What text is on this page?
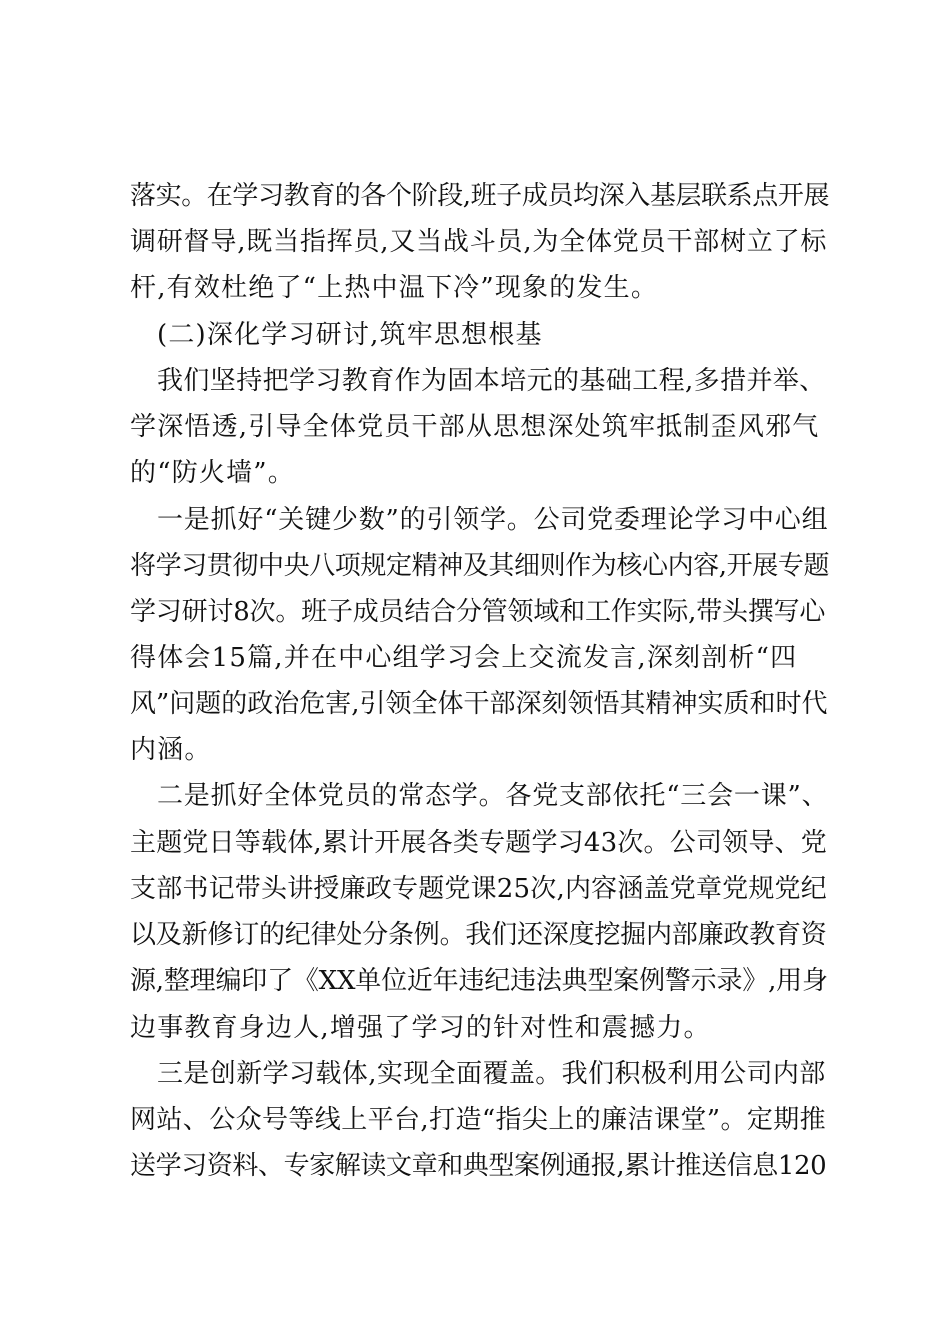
落实。在学习教育的各个阶段,班子成员均深入基层联系点开展
调研督导,既当指挥员,又当战斗员,为全体党员干部树立了标
杆,有效杜绝了“上热中温下冷”现象的发生。
(二)深化学习研讨,筑牢思想根基
我们坚持把学习教育作为固本培元的基础工程,多措并举、
学深悟透,引导全体党员干部从思想深处筑牢抵制歪风邪气
的“防火墙”。
一是抓好“关键少数”的引领学。公司党委理论学习中心组
将学习贯彻中央八项规定精神及其细则作为核心内容,开展专题
学习研讨8次。班子成员结合分管领域和工作实际,带头撰写心
得体会15篇,并在中心组学习会上交流发言,深刻剖析“四
风”问题的政治危害,引领全体干部深刻领悟其精神实质和时代
内涵。
二是抓好全体党员的常态学。各党支部依托“三会一课”、
主题党日等载体,累计开展各类专题学习43次。公司领导、党
支部书记带头讲授廉政专题党课25次,内容涵盖党章党规党纪
以及新修订的纪律处分条例。我们还深度挖掘内部廉政教育资
源,整理编印了《XX单位近年违纪违法典型案例警示录》,用身
边事教育身边人,增强了学习的针对性和震撼力。
三是创新学习载体,实现全面覆盖。我们积极利用公司内部
网站、公众号等线上平台,打造“指尖上的廉洁课堂”。定期推
送学习资料、专家解读文章和典型案例通报,累计推送信息120
